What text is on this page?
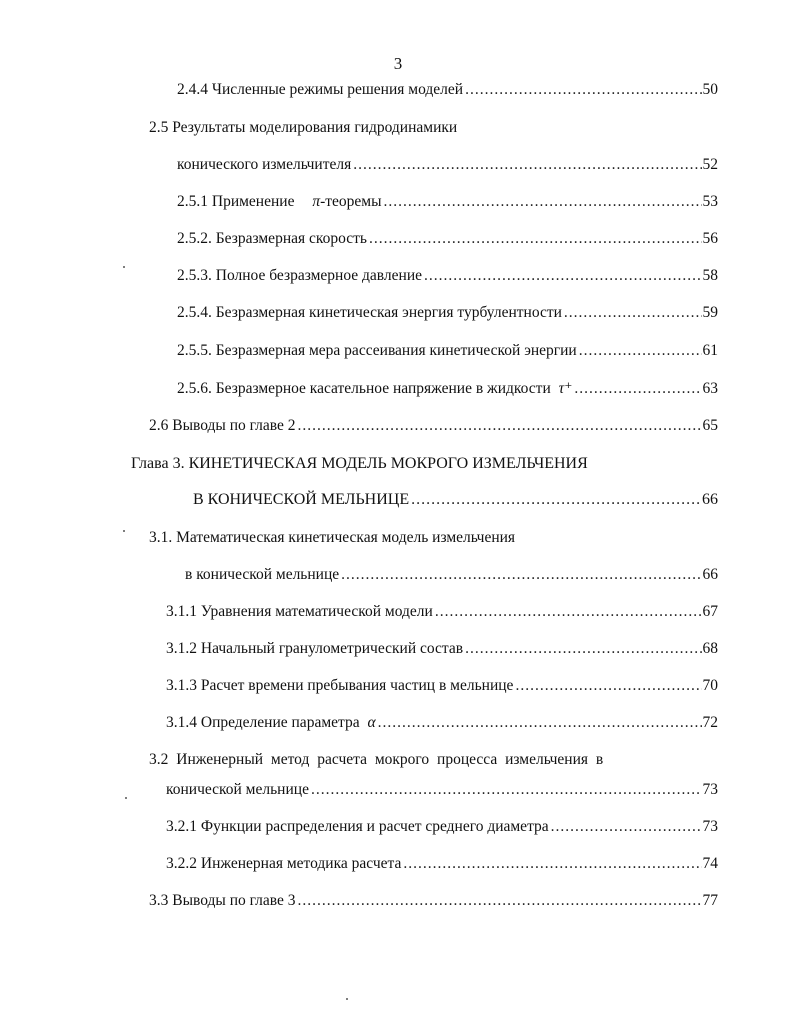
3
2.4.4 Численные режимы решения моделей .....	50
2.5 Результаты моделирования гидродинамики
конического измельчителя .....	52
2.5.1 Применение π-теоремы .....	53
2.5.2. Безразмерная скорость .....	56
2.5.3. Полное безразмерное давление .....	58
2.5.4. Безразмерная кинетическая энергия турбулентности .....	59
2.5.5. Безразмерная мера рассеивания кинетической энергии .....	61
2.5.6. Безразмерное касательное напряжение в жидкости τ⁺ .....	63
2.6 Выводы по главе 2 .....	65
Глава 3. КИНЕТИЧЕСКАЯ МОДЕЛЬ МОКРОГО ИЗМЕЛЬЧЕНИЯ
В КОНИЧЕСКОЙ МЕЛЬНИЦЕ .....	66
3.1. Математическая кинетическая модель измельчения
в конической мельнице .....	66
3.1.1 Уравнения математической модели .....	67
3.1.2 Начальный гранулометрический состав .....	68
3.1.3 Расчет времени пребывания частиц в мельнице .....	70
3.1.4 Определение параметра α .....	72
3.2 Инженерный метод расчета мокрого процесса измельчения в
конической мельнице .....	73
3.2.1 Функции распределения и расчет среднего диаметра .....	73
3.2.2 Инженерная методика расчета .....	74
3.3 Выводы по главе 3 .....	77
